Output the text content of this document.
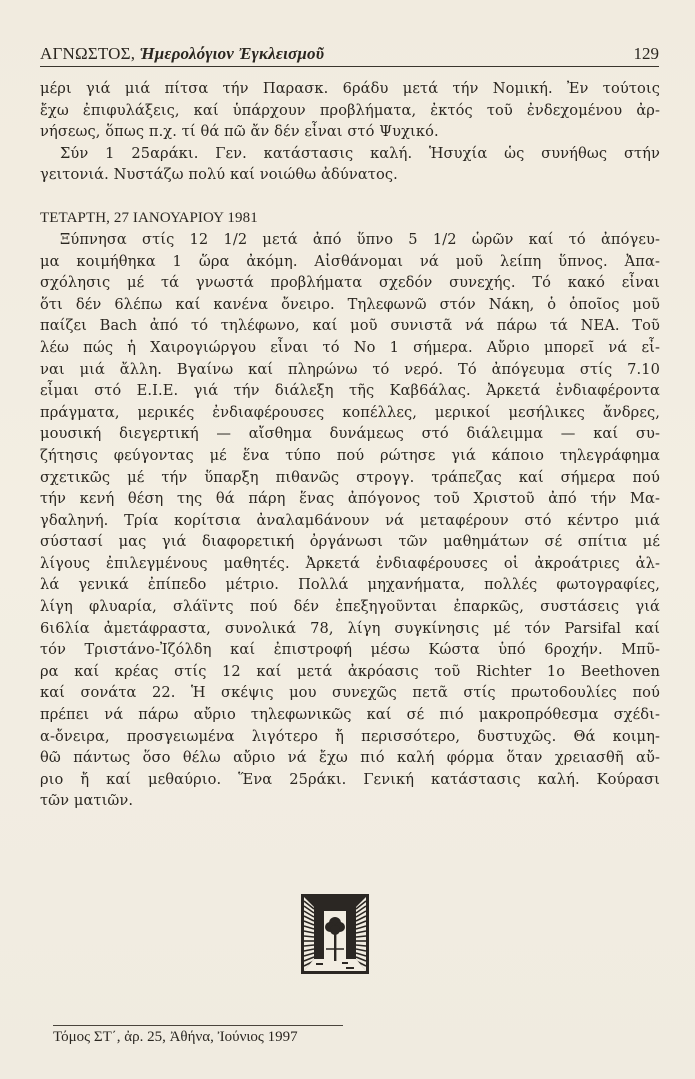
ΑΓΝΩΣΤΟΣ, Ἡμερολόγιον Ἐγκλεισμοῦ	129
μέρι γιά μιά πίτσα τήν Παρασκ. 6ράδυ μετά τήν Νομική. Ἐν τούτοις
ἔχω ἐπιφυλάξεις, καί ὑπάρχουν προβλήματα, ἐκτός τοῦ ἐνδεχομένου ἀρ-
νήσεως, ὅπως π.χ. τί θά πῶ ἄν δέν εἶναι στό Ψυχικό.
Σύν 1 25αράκι. Γεν. κατάστασις καλή. Ἡσυχία ὡς συνήθως στήν
γειτονιά. Νυστάζω πολύ καί νοιώθω ἀδύνατος.
ΤΕΤΑΡΤΗ, 27 ΙΑΝΟΥΑΡΙΟΥ 1981
Ξύπνησα στίς 12 1/2 μετά ἀπό ὕπνο 5 1/2 ὡρῶν καί τό ἀπόγευ-
μα κοιμήθηκα 1 ὥρα ἀκόμη. Αἰσθάνομαι νά μοῦ λείπη ὕπνος. Ἀπα-
σχόλησις μέ τά γνωστά προβλήματα σχεδόν συνεχής. Τό κακό εἶναι
ὅτι δέν 6λέπω καί κανένα ὄνειρο. Τηλεφωνῶ στόν Νάκη, ὁ ὁποῖος μοῦ
παίζει Bach ἀπό τό τηλέφωνο, καί μοῦ συνιστᾶ νά πάρω τά ΝΕΑ. Τοῦ
λέω πώς ἡ Χαιρογιώργου εἶναι τό Νο 1 σήμερα. Αὔριο μπορεῖ νά εἶ-
ναι μιά ἄλλη. Βγαίνω καί πληρώνω τό νερό. Τό ἀπόγευμα στίς 7.10
εἶμαι στό Ε.Ι.Ε. γιά τήν διάλεξη τῆς Καβ6άλας. Ἀρκετά ἐνδιαφέροντα
πράγματα, μερικές ἐνδιαφέρουσες κοπέλλες, μερικοί μεσήλικες ἄνδρες,
μουσική διεγερτική — αἴσθημα δυνάμεως στό διάλειμμα — καί συ-
ζήτησις φεύγοντας μέ ἕνα τύπο πού ρώτησε γιά κάποιο τηλεγράφημα
σχετικῶς μέ τήν ὕπαρξη πιθανῶς στρογγ. τράπεζας καί σήμερα πού
τήν κενή θέση της θά πάρη ἕνας ἀπόγονος τοῦ Χριστοῦ ἀπό τήν Μα-
γδαληνή. Τρία κορίτσια ἀναλαμ6άνουν νά μεταφέρουν στό κέντρο μιά
σύστασί μας γιά διαφορετική ὀργάνωσι τῶν μαθημάτων σέ σπίτια μέ
λίγους ἐπιλεγμένους μαθητές. Ἀρκετά ἐνδιαφέρουσες οἱ ἀκροάτριες ἀλ-
λά γενικά ἐπίπεδο μέτριο. Πολλά μηχανήματα, πολλές φωτογραφίες,
λίγη φλυαρία, σλάϊντς πού δέν ἐπεξηγοῦνται ἐπαρκῶς, συστάσεις γιά
6ι6λία ἀμετάφραστα, συνολικά 78, λίγη συγκίνησις μέ τόν Parsifal καί
τόν Τριστάνο-Ἰζόλδη καί ἐπιστροφή μέσω Κώστα ὑπό 6ροχήν. Μπῦ-
ρα καί κρέας στίς 12 καί μετά ἀκρόασις τοῦ Richter 1o Beethoven
καί σονάτα 22. Ἡ σκέψις μου συνεχῶς πετᾶ στίς πρωτο6ουλίες πού
πρέπει νά πάρω αὔριο τηλεφωνικῶς καί σέ πιό μακροπρόθεσμα σχέδι-
α-ὄνειρα, προσγειωμένα λιγότερο ἤ περισσότερο, δυστυχῶς. Θά κοιμη-
θῶ πάντως ὅσο θέλω αὔριο νά ἔχω πιό καλή φόρμα ὅταν χρειασθῆ αὔ-
ριο ἤ καί μεθαύριο. Ἕνα 25ράκι. Γενική κατάστασις καλή. Κούρασι
τῶν ματιῶν.
Τόμος ΣΤ΄, ἀρ. 25, Ἀθήνα, Ἰούνιος 1997
